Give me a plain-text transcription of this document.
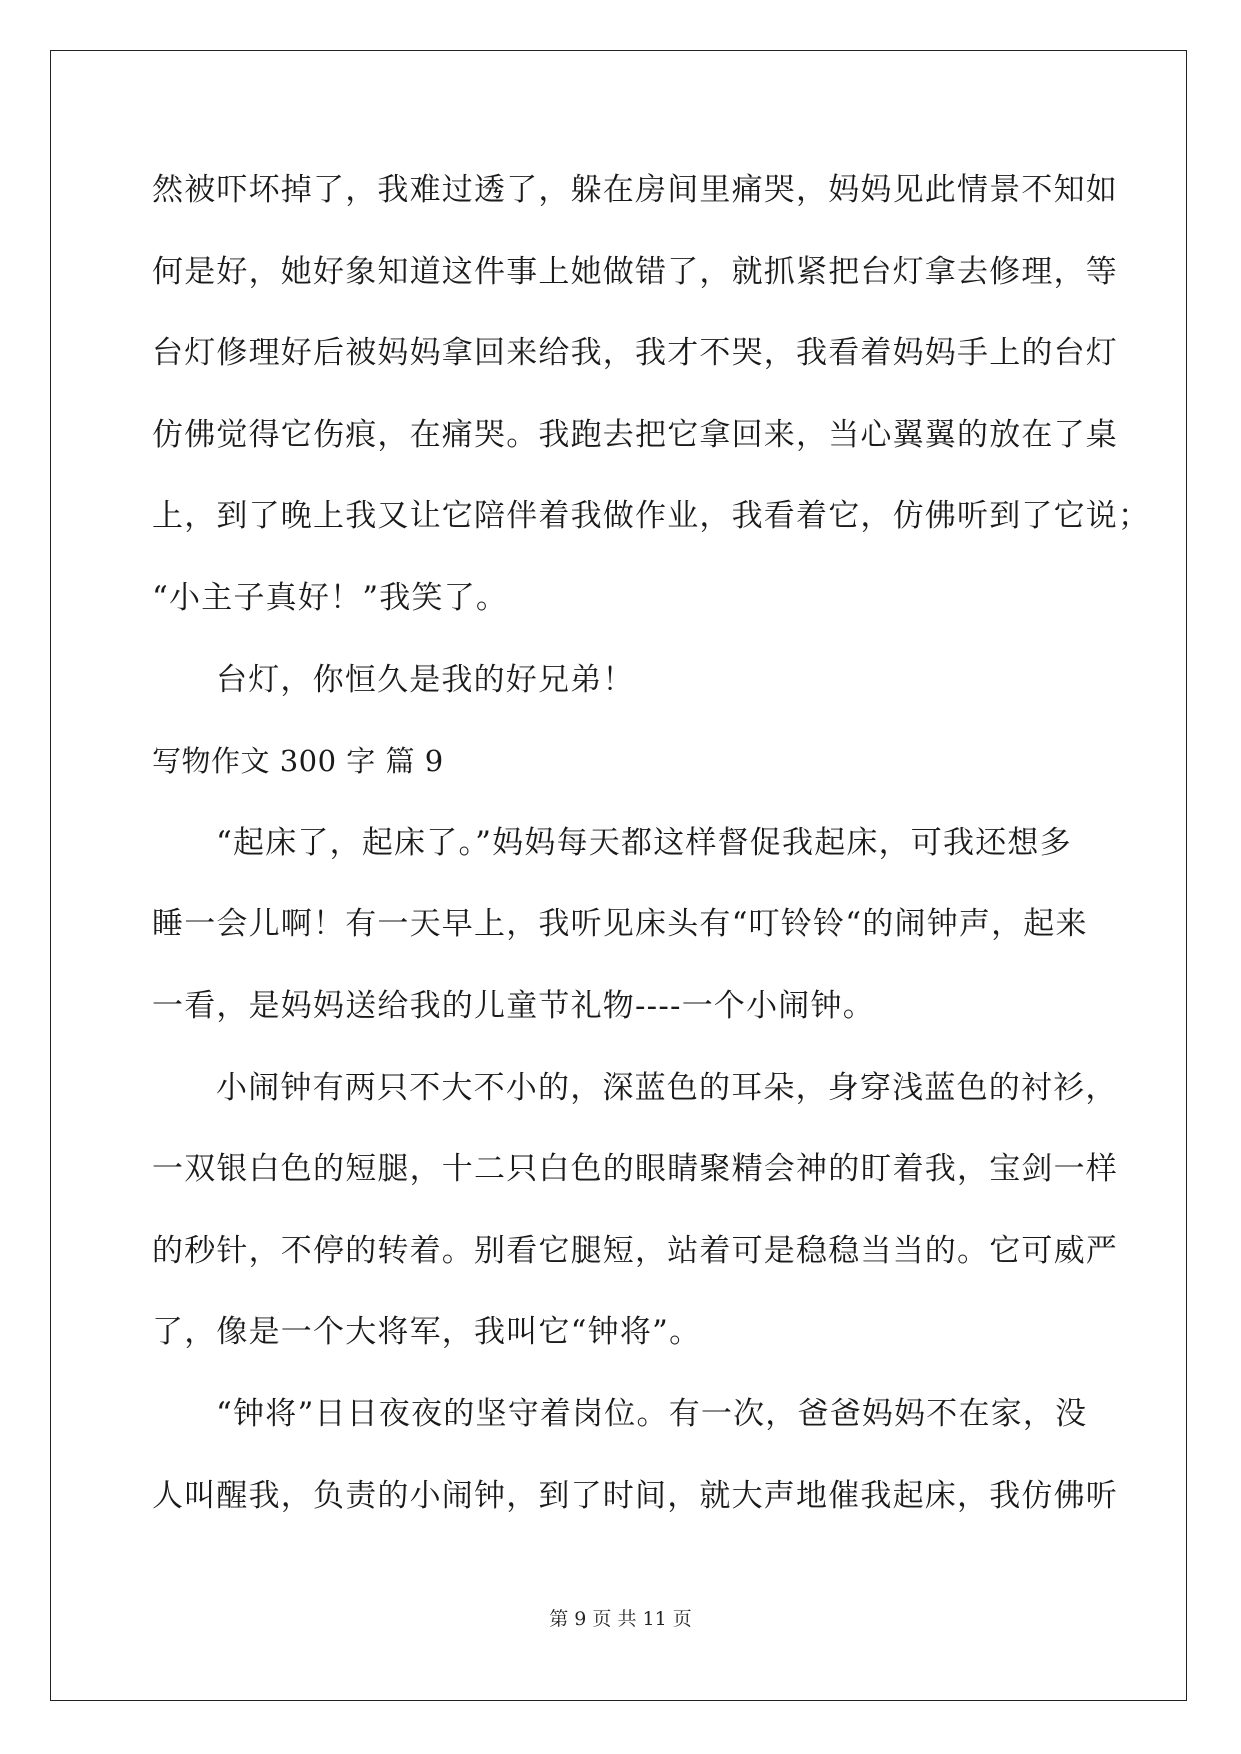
然被吓坏掉了，我难过透了，躲在房间里痛哭，妈妈见此情景不知如
何是好，她好象知道这件事上她做错了，就抓紧把台灯拿去修理，等
台灯修理好后被妈妈拿回来给我，我才不哭，我看着妈妈手上的台灯
仿佛觉得它伤痕，在痛哭。我跑去把它拿回来，当心翼翼的放在了桌
上，到了晚上我又让它陪伴着我做作业，我看着它，仿佛听到了它说；
“小主子真好！”我笑了。
台灯，你恒久是我的好兄弟！
写物作文 300 字 篇 9
“起床了，起床了。”妈妈每天都这样督促我起床，可我还想多
睡一会儿啊！有一天早上，我听见床头有“叮铃铃“的闹钟声，起来
一看，是妈妈送给我的儿童节礼物----一个小闹钟。
小闹钟有两只不大不小的，深蓝色的耳朵，身穿浅蓝色的衬衫，
一双银白色的短腿，十二只白色的眼睛聚精会神的盯着我，宝剑一样
的秒针，不停的转着。别看它腿短，站着可是稳稳当当的。它可威严
了，像是一个大将军，我叫它“钟将”。
“钟将”日日夜夜的坚守着岗位。有一次，爸爸妈妈不在家，没
人叫醒我，负责的小闹钟，到了时间，就大声地催我起床，我仿佛听
第 9 页 共 11 页
